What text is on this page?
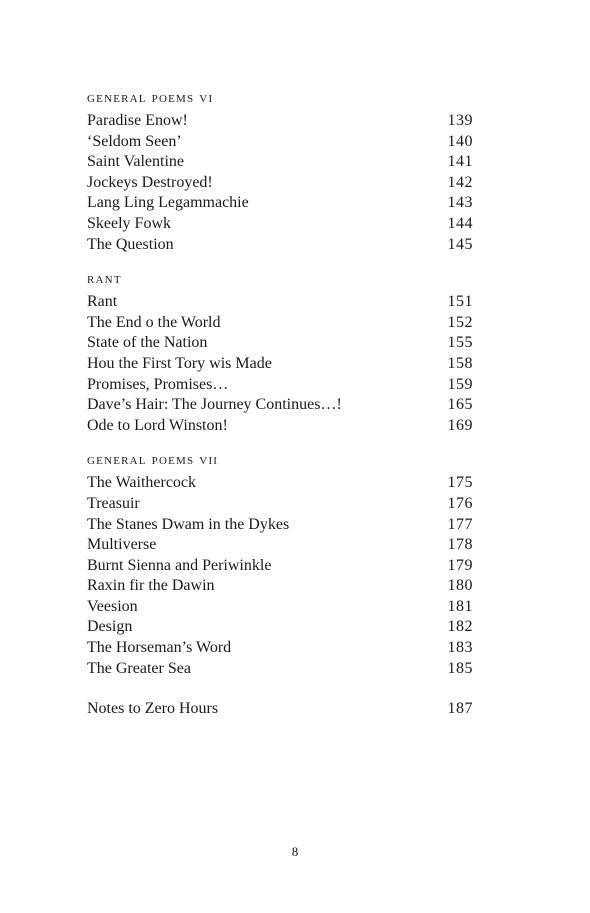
general poems vi
Paradise Enow!	139
‘Seldom Seen’	140
Saint Valentine	141
Jockeys Destroyed!	142
Lang Ling Legammachie	143
Skeely Fowk	144
The Question	145
rant
Rant	151
The End o the World	152
State of the Nation	155
Hou the First Tory wis Made	158
Promises, Promises…	159
Dave’s Hair: The Journey Continues…!	165
Ode to Lord Winston!	169
general poems vii
The Waithercock	175
Treasuir	176
The Stanes Dwam in the Dykes	177
Multiverse	178
Burnt Sienna and Periwinkle	179
Raxin fir the Dawin	180
Veesion	181
Design	182
The Horseman’s Word	183
The Greater Sea	185
Notes to Zero Hours	187
8
